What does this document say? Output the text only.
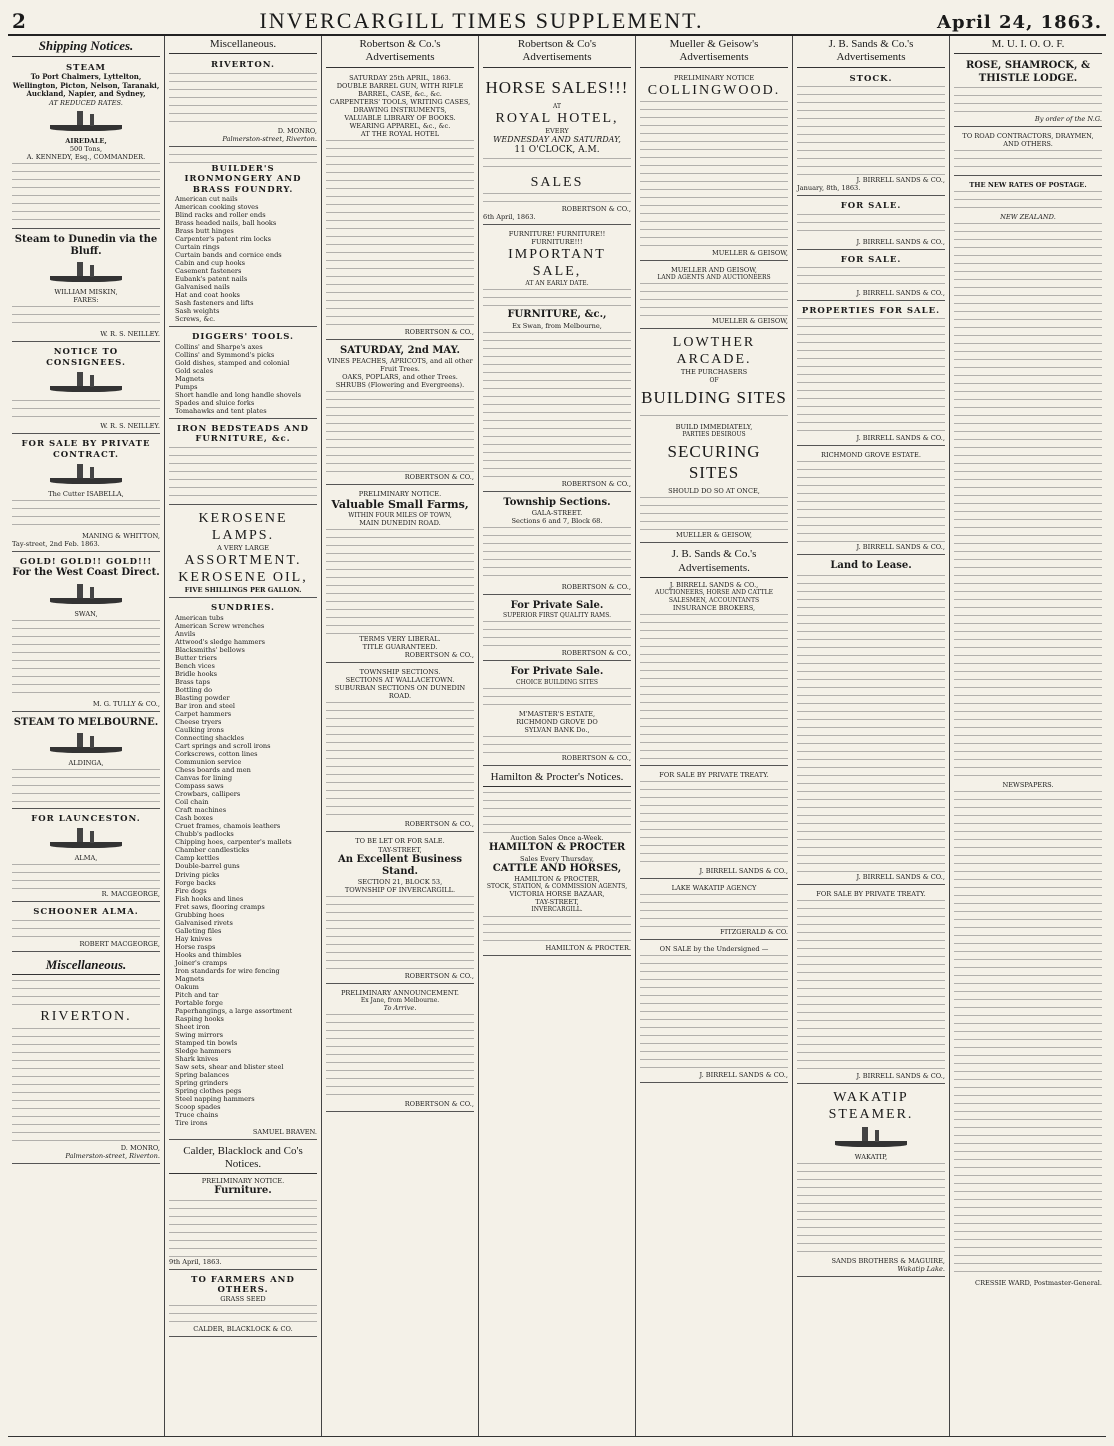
2	INVERCARGILL TIMES SUPPLEMENT.	April 24, 1863.
Shipping Notices.
STEAM
To Port Chalmers, Lyttelton, Wellington, Picton, Nelson, Taranaki, Auckland, Napier, and Sydney,
AT REDUCED RATES.
AIREDALE,
500 Tons,
A. KENNEDY, Esq., COMMANDER.
Steam to Dunedin via the Bluff.
WILLIAM MISKIN,
FARES:
W. R. S. NEILLEY.
NOTICE TO CONSIGNEES.
W. R. S. NEILLEY.
FOR SALE BY PRIVATE CONTRACT.
The Cutter ISABELLA,
MANING & WHITTON,
Tay-street, 2nd Feb. 1863.
GOLD! GOLD!! GOLD!!!
For the West Coast Direct.
SWAN,
M. G. TULLY & CO.,
STEAM TO MELBOURNE.
ALDINGA,
FOR LAUNCESTON.
ALMA,
R. MACGEORGE,
SCHOONER ALMA.
ROBERT MACGEORGE,
Miscellaneous.
RIVERTON.
D. MONRO,
Palmerston-street, Riverton.
Miscellaneous.
RIVERTON.
D. MONRO,
Palmerston-street, Riverton.
BUILDER'S IRONMONGERY AND BRASS FOUNDRY.
American cut nails
American cooking stoves
Blind racks and roller ends
Brass headed nails, ball hooks
Brass butt hinges
Carpenter's patent rim locks
Curtain rings
Curtain bands and cornice ends
Cabin and cup hooks
Casement fasteners
Eubank's patent nails
Galvanised nails
Hat and coat hooks
Sash fasteners and lifts
Sash weights
Screws, &c.
DIGGERS' TOOLS.
Collins' and Sharpe's axes
Collins' and Symmond's picks
Gold dishes, stamped and colonial
Gold scales
Magnets
Pumps
Short handle and long handle shovels
Spades and sluice forks
Tomahawks and tent plates
IRON BEDSTEADS AND FURNITURE, &c.
KEROSENE LAMPS.
A VERY LARGE
ASSORTMENT.
KEROSENE OIL,
FIVE SHILLINGS PER GALLON.
SUNDRIES.
American tubs
American Screw wrenches
Anvils
Attwood's sledge hammers
Blacksmiths' bellows
Butter triers
Bench vices
Bridle hooks
Brass taps
Bottling do
Blasting powder
Bar iron and steel
Carpet hammers
Cheese tryers
Caulking irons
Connecting shackles
Cart springs and scroll irons
Corkscrews, cotton lines
Communion service
Chess boards and men
Canvas for lining
Compass saws
Crowbars, callipers
Coil chain
Craft machines
Cash boxes
Cruet frames, chamois leathers
Chubb's padlocks
Chipping hoes, carpenter's mallets
Chamber candlesticks
Camp kettles
Double-barrel guns
Driving picks
Forge backs
Fire dogs
Fish hooks and lines
Fret saws, flooring cramps
Grubbing hoes
Galvanised rivets
Galleting files
Hay knives
Horse rasps
Hooks and thimbles
Joiner's cramps
Iron standards for wire fencing
Magnets
Oakum
Pitch and tar
Portable forge
Paperhangings, a large assortment
Rasping hooks
Sheet iron
Swing mirrors
Stamped tin bowls
Sledge hammers
Shark knives
Saw sets, shear and blister steel
Spring balances
Spring grinders
Spring clothes pegs
Steel napping hammers
Scoop spades
Truce chains
Tire irons
SAMUEL BRAVEN.
Calder, Blacklock and Co's Notices.
PRELIMINARY NOTICE.
Furniture.
9th April, 1863.
TO FARMERS AND OTHERS.
GRASS SEED
CALDER, BLACKLOCK & CO.
Robertson & Co.'s Advertisements
SATURDAY 25th APRIL, 1863.
DOUBLE BARREL GUN, WITH RIFLE BARREL, CASE, &c., &c.
CARPENTERS' TOOLS, WRITING CASES, DRAWING INSTRUMENTS,
VALUABLE LIBRARY OF BOOKS.
WEARING APPAREL, &c., &c.
AT THE ROYAL HOTEL
ROBERTSON & CO.,
SATURDAY, 2nd MAY.
VINES PEACHES, APRICOTS, and all other Fruit Trees.
OAKS, POPLARS, and other Trees.
SHRUBS (Flowering and Evergreens).
ROBERTSON & CO.,
PRELIMINARY NOTICE.
Valuable Small Farms,
WITHIN FOUR MILES OF TOWN,
MAIN DUNEDIN ROAD.
TERMS VERY LIBERAL.
TITLE GUARANTEED.
ROBERTSON & CO.,
TOWNSHIP SECTIONS.
SECTIONS AT WALLACETOWN.
SUBURBAN SECTIONS ON DUNEDIN ROAD.
ROBERTSON & CO.,
TO BE LET OR FOR SALE.
TAY-STREET,
An Excellent Business Stand.
SECTION 21, BLOCK 53,
TOWNSHIP OF INVERCARGILL.
ROBERTSON & CO.,
PRELIMINARY ANNOUNCEMENT.
Ex Jane, from Melbourne.
To Arrive.
ROBERTSON & CO.,
Robertson & Co's Advertisements
HORSE SALES!!!
AT
ROYAL HOTEL,
EVERY
WEDNESDAY AND SATURDAY,
11 O'CLOCK, A.M.
SALES
ROBERTSON & CO.,
6th April, 1863.
FURNITURE! FURNITURE!! FURNITURE!!!
IMPORTANT SALE,
AT AN EARLY DATE.
FURNITURE, &c.,
Ex Swan, from Melbourne,
ROBERTSON & CO.,
Township Sections.
GALA-STREET.
Sections 6 and 7, Block 68.
ROBERTSON & CO.,
For Private Sale.
SUPERIOR FIRST QUALITY RAMS.
ROBERTSON & CO.,
For Private Sale.
CHOICE BUILDING SITES
M'MASTER'S ESTATE,
RICHMOND GROVE DO
SYLVAN BANK Do.,
ROBERTSON & CO.,
Hamilton & Procter's Notices.
Auction Sales Once a-Week.
HAMILTON & PROCTER
Sales Every Thursday,
CATTLE AND HORSES,
HAMILTON & PROCTER,
STOCK, STATION, & COMMISSION AGENTS,
VICTORIA HORSE BAZAAR,
TAY-STREET,
INVERCARGILL.
HAMILTON & PROCTER.
Mueller & Geisow's Advertisements
PRELIMINARY NOTICE
COLLINGWOOD.
MUELLER & GEISOW,
MUELLER AND GEISOW,
LAND AGENTS AND AUCTIONEERS
MUELLER & GEISOW,
LOWTHER ARCADE.
THE PURCHASERS
OF
BUILDING SITES
BUILD IMMEDIATELY,
PARTIES DESIROUS
SECURING SITES
SHOULD DO SO AT ONCE,
MUELLER & GEISOW,
J. B. Sands & Co.'s Advertisements.
J. BIRRELL SANDS & CO.,
AUCTIONEERS, HORSE AND CATTLE SALESMEN, ACCOUNTANTS
INSURANCE BROKERS,
FOR SALE BY PRIVATE TREATY.
J. BIRRELL SANDS & CO.,
LAKE WAKATIP AGENCY
FITZGERALD & CO.
ON SALE by the Undersigned —
J. BIRRELL SANDS & CO.,
J. B. Sands & Co.'s Advertisements
STOCK.
J. BIRRELL SANDS & CO.,
January, 8th, 1863.
FOR SALE.
J. BIRRELL SANDS & CO.,
FOR SALE.
J. BIRRELL SANDS & CO.,
PROPERTIES FOR SALE.
J. BIRRELL SANDS & CO.,
RICHMOND GROVE ESTATE.
J. BIRRELL SANDS & CO.,
Land to Lease.
J. BIRRELL SANDS & CO.,
FOR SALE BY PRIVATE TREATY.
J. BIRRELL SANDS & CO.,
WAKATIP STEAMER.
WAKATIP,
SANDS BROTHERS & MAGUIRE,
Wakatip Lake.
M. U. I. O. O. F.
ROSE, SHAMROCK, & THISTLE LODGE.
By order of the N.G.
TO ROAD CONTRACTORS, DRAYMEN, AND OTHERS.
THE NEW RATES OF POSTAGE.
NEW ZEALAND.
NEWSPAPERS.
CRESSIE WARD, Postmaster-General.
